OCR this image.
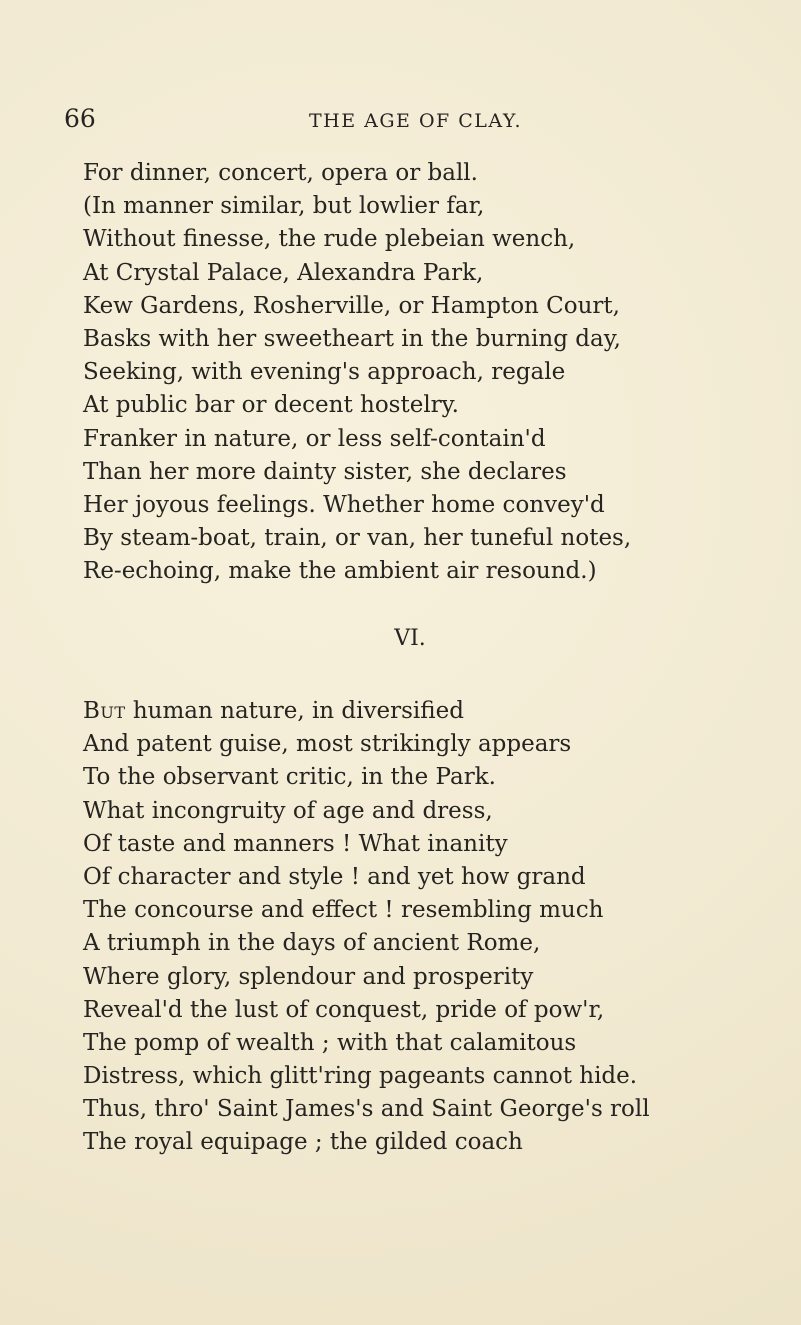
66	THE AGE OF CLAY.
For dinner, concert, opera or ball.
(In manner similar, but lowlier far,
Without finesse, the rude plebeian wench,
At Crystal Palace, Alexandra Park,
Kew Gardens, Rosherville, or Hampton Court,
Basks with her sweetheart in the burning day,
Seeking, with evening's approach, regale
At public bar or decent hostelry.
Franker in nature, or less self-contain'd
Than her more dainty sister, she declares
Her joyous feelings. Whether home convey'd
By steam-boat, train, or van, her tuneful notes,
Re-echoing, make the ambient air resound.)
VI.
But human nature, in diversified
And patent guise, most strikingly appears
To the observant critic, in the Park.
What incongruity of age and dress,
Of taste and manners ! What inanity
Of character and style ! and yet how grand
The concourse and effect ! resembling much
A triumph in the days of ancient Rome,
Where glory, splendour and prosperity
Reveal'd the lust of conquest, pride of pow'r,
The pomp of wealth ; with that calamitous
Distress, which glitt'ring pageants cannot hide.
Thus, thro' Saint James's and Saint George's roll
The royal equipage ; the gilded coach
